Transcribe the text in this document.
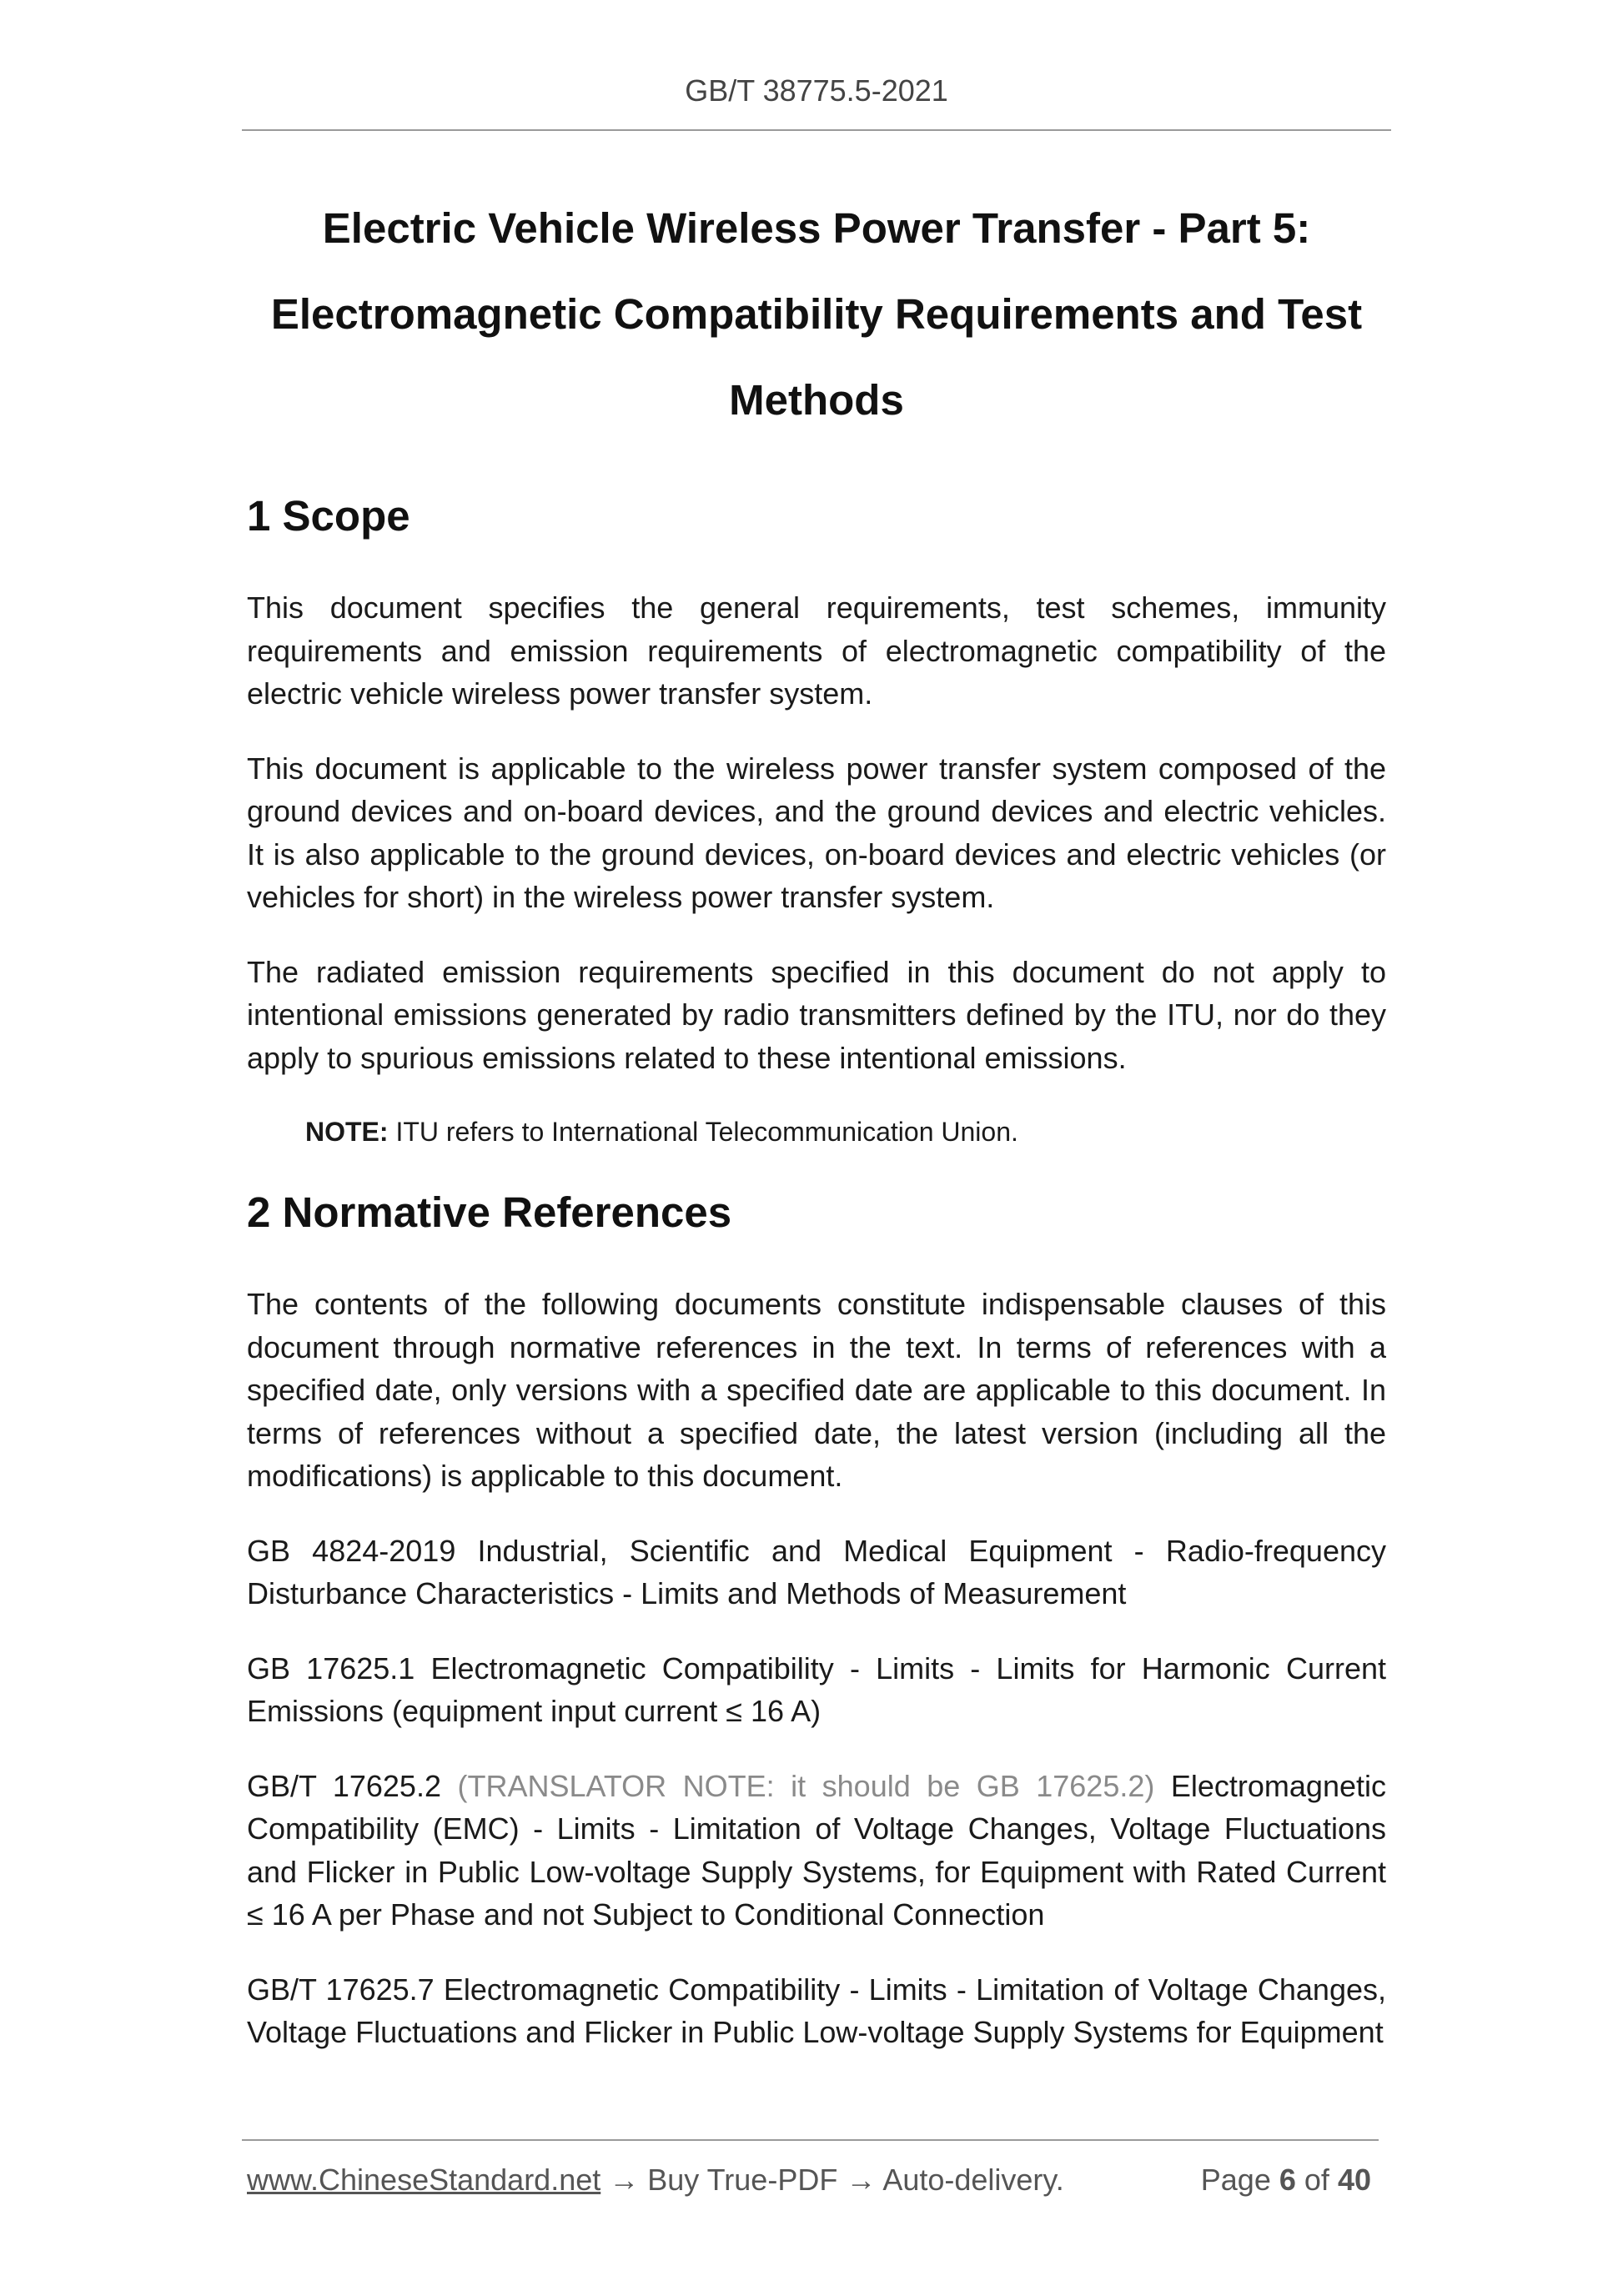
GB/T 38775.5-2021
Electric Vehicle Wireless Power Transfer - Part 5:
Electromagnetic Compatibility Requirements and Test
Methods
1 Scope

This document specifies the general requirements, test schemes, immunity requirements and emission requirements of electromagnetic compatibility of the electric vehicle wireless power transfer system.

This document is applicable to the wireless power transfer system composed of the ground devices and on-board devices, and the ground devices and electric vehicles. It is also applicable to the ground devices, on-board devices and electric vehicles (or vehicles for short) in the wireless power transfer system.

The radiated emission requirements specified in this document do not apply to intentional emissions generated by radio transmitters defined by the ITU, nor do they apply to spurious emissions related to these intentional emissions.

NOTE: ITU refers to International Telecommunication Union.

2 Normative References

The contents of the following documents constitute indispensable clauses of this document through normative references in the text. In terms of references with a specified date, only versions with a specified date are applicable to this document. In terms of references without a specified date, the latest version (including all the modifications) is applicable to this document.

GB 4824-2019 Industrial, Scientific and Medical Equipment - Radio-frequency Disturbance Characteristics - Limits and Methods of Measurement

GB 17625.1 Electromagnetic Compatibility - Limits - Limits for Harmonic Current Emissions (equipment input current ≤ 16 A)

GB/T 17625.2 (TRANSLATOR NOTE: it should be GB 17625.2) Electromagnetic Compatibility (EMC) - Limits - Limitation of Voltage Changes, Voltage Fluctuations and Flicker in Public Low-voltage Supply Systems, for Equipment with Rated Current ≤ 16 A per Phase and not Subject to Conditional Connection

GB/T 17625.7 Electromagnetic Compatibility - Limits - Limitation of Voltage Changes, Voltage Fluctuations and Flicker in Public Low-voltage Supply Systems for Equipment

www.ChineseStandard.net → Buy True-PDF → Auto-delivery.	Page 6 of 40
